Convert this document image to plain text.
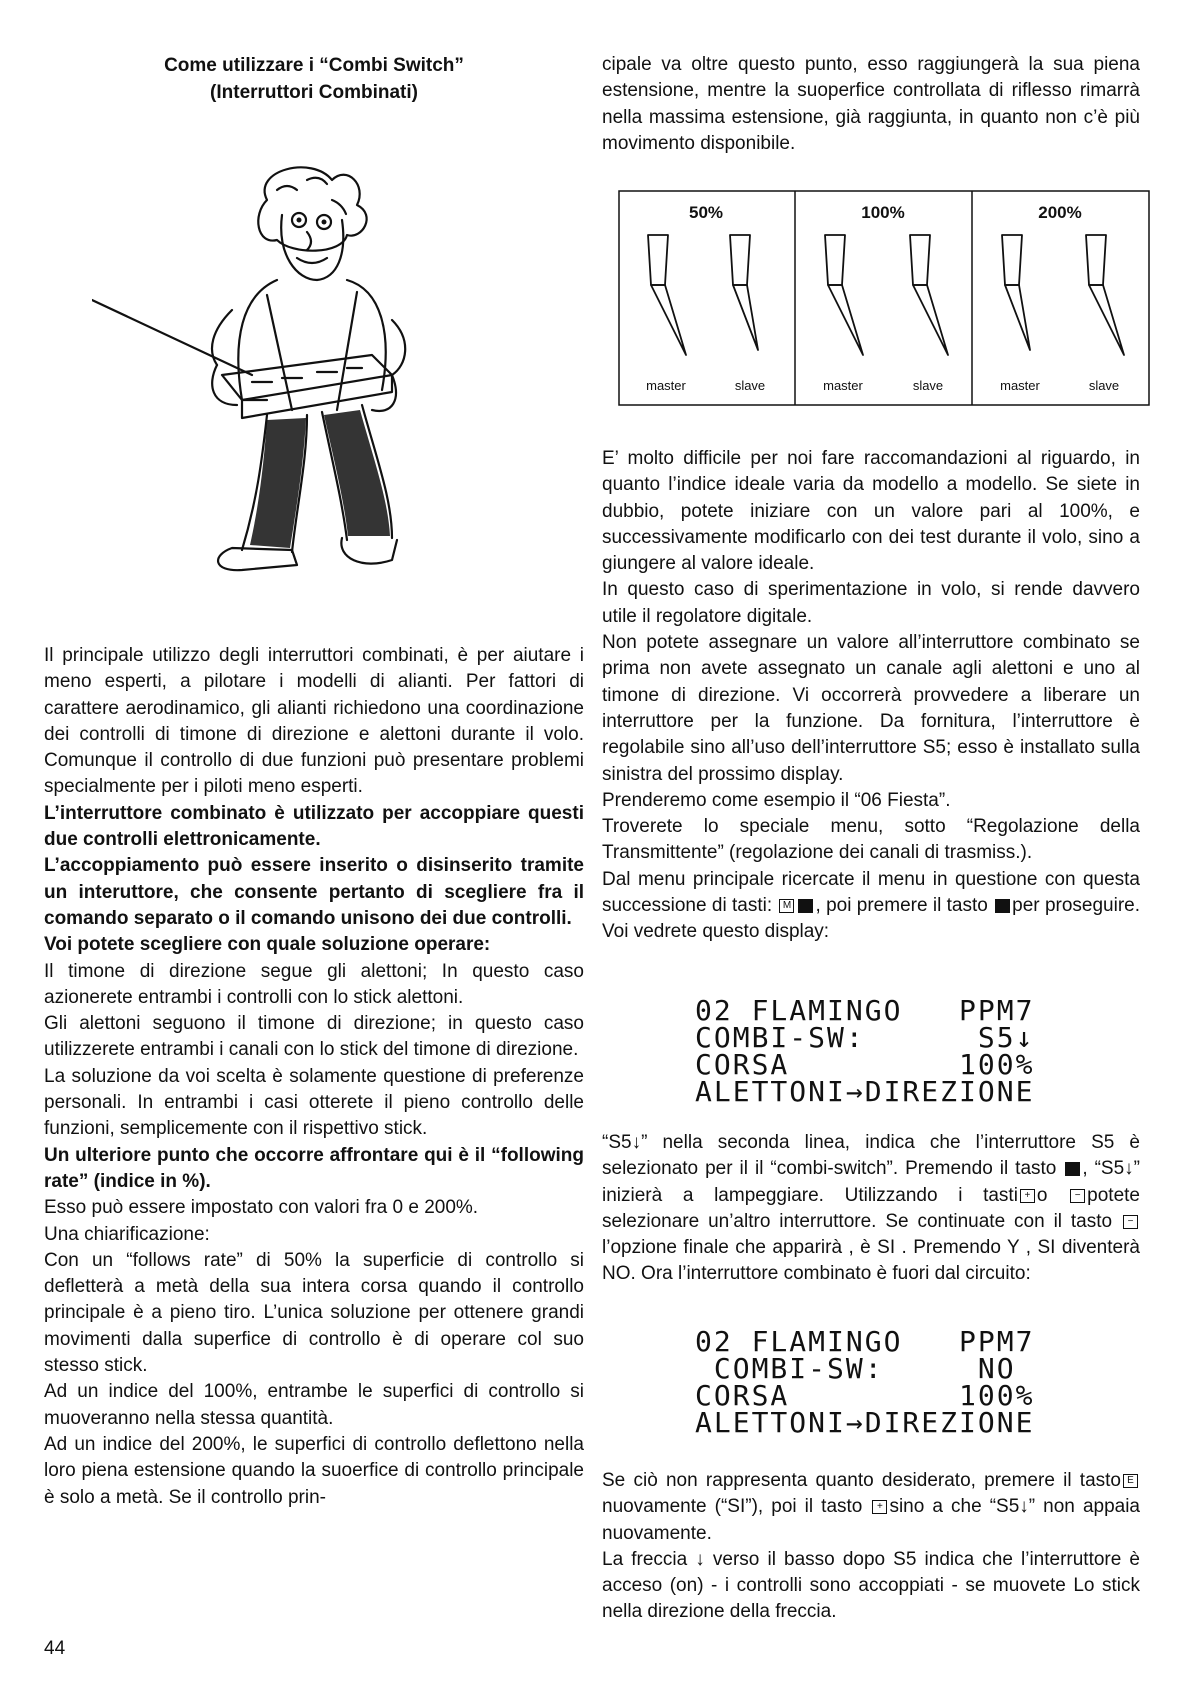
Come utilizzare i “Combi Switch”
(Interruttori Combinati)

Il principale utilizzo degli interruttori combinati, è per aiutare i meno esperti, a pilotare i modelli di alianti. Per fattori di carattere aerodinamico, gli alianti richiedono una coordinazione dei controlli di timone di direzione e alettoni durante il volo. Comunque il controllo di due funzioni può presentare problemi specialmente per i piloti meno esperti.

L’interruttore combinato è utilizzato per accoppiare questi due controlli elettronicamente.

L’accoppiamento può essere inserito o disinserito tramite un interuttore, che consente pertanto di scegliere fra il comando separato o il comando unisono dei due controlli.

Voi potete scegliere con quale soluzione operare:

Il timone di direzione segue gli alettoni; In questo caso azionerete entrambi i controlli con lo stick alettoni.

Gli alettoni seguono il timone di direzione; in questo caso utilizzerete entrambi i canali con lo stick del timone di direzione.

La soluzione da voi scelta è solamente questione di preferenze personali. In entrambi i casi otterete il pieno controllo delle funzioni, semplicemente con il rispettivo stick.

Un ulteriore punto che occorre affrontare qui è il “following rate” (indice in %).

Esso può essere impostato con valori fra 0 e 200%.

Una chiarificazione:

Con un “follows rate” di 50% la superficie di controllo si defletterà a metà della sua intera corsa quando il controllo principale è a pieno tiro. L’unica soluzione per ottenere grandi movimenti dalla superfice di controllo è di operare col suo stesso stick.

Ad un indice del 100%, entrambe le superfici di controllo si muoveranno nella stessa quantità.

Ad un indice del 200%, le superfici di controllo deflettono nella loro piena estensione quando la suoerfice di controllo principale è solo a metà. Se il controllo prin-

cipale va oltre questo punto, esso raggiungerà la sua piena estensione, mentre la suoperfice controllata di riflesso rimarrà nella massima estensione, già raggiunta, in quanto non c’è più movimento disponibile.

50%	100%	200%
master	slave	master	slave	master	slave

E’ molto difficile per noi fare raccomandazioni al riguardo, in quanto l’indice ideale varia da modello a modello. Se siete in dubbio, potete iniziare con un valore pari al 100%, e successivamente modificarlo con dei test durante il volo, sino a giungere al valore ideale.

In questo caso di sperimentazione in volo, si rende davvero utile il regolatore digitale.

Non potete assegnare un valore all’interruttore combinato se prima non avete assegnato un canale agli alettoni e uno al timone di direzione. Vi occorrerà provvedere a liberare un interruttore per la funzione. Da fornitura, l’interruttore è regolabile sino all’uso dell’interruttore S5; esso è installato sulla sinistra del prossimo display.

Prenderemo come esempio il “06 Fiesta”.

Troverete lo speciale menu, sotto “Regolazione della Transmittente” (regolazione dei canali di trasmiss.).

Dal menu principale ricercate il menu in questione con questa successione di tasti: M , poi premere il tasto per proseguire. Voi vedrete questo display:

02 FLAMINGO   PPM7
COMBI-SW:      S5↓
CORSA         100%
ALETTONI→DIREZIONE

“S5↓” nella seconda linea, indica che l’interruttore S5 è selezionato per il il “combi-switch”. Premendo il tasto , “S5↓” inizierà a lampeggiare. Utilizzando i tasti + o	− potete selezionare un’altro interruttore. Se continuate con il tasto −l’opzione finale che apparirà , è SI . Premendo Y , SI diventerà NO. Ora l’interruttore combinato è fuori dal circuito:

02 FLAMINGO   PPM7
COMBI-SW:     NO
CORSA         100%
ALETTONI→DIREZIONE

Se ciò non rappresenta quanto desiderato, premere il tasto Enuovamente (“SI”), poi il tasto + sino a che “S5↓” non appaia nuovamente.

La freccia ↓ verso il basso dopo S5 indica che l’interruttore è acceso (on) - i controlli sono accoppiati - se muovete Lo stick nella direzione della freccia.

44
